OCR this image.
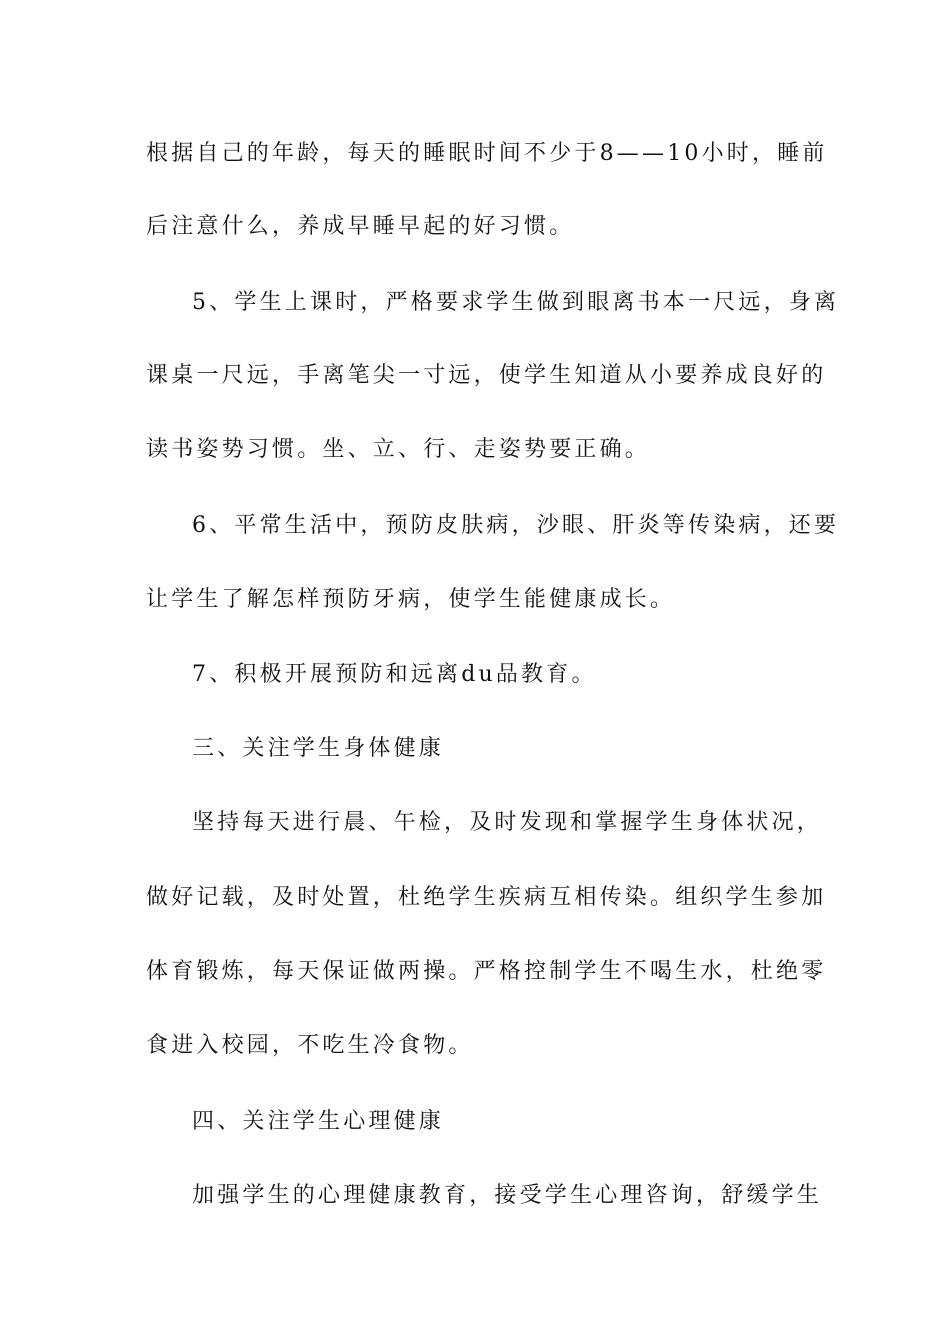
根据自己的年龄，每天的睡眠时间不少于8——10小时，睡前
后注意什么，养成早睡早起的好习惯。
5、学生上课时，严格要求学生做到眼离书本一尺远，身离
课桌一尺远，手离笔尖一寸远，使学生知道从小要养成良好的
读书姿势习惯。坐、立、行、走姿势要正确。
6、平常生活中，预防皮肤病，沙眼、肝炎等传染病，还要
让学生了解怎样预防牙病，使学生能健康成长。
7、积极开展预防和远离du品教育。
三、关注学生身体健康
坚持每天进行晨、午检，及时发现和掌握学生身体状况，
做好记载，及时处置，杜绝学生疾病互相传染。组织学生参加
体育锻炼，每天保证做两操。严格控制学生不喝生水，杜绝零
食进入校园，不吃生冷食物。
四、关注学生心理健康
加强学生的心理健康教育，接受学生心理咨询，舒缓学生
